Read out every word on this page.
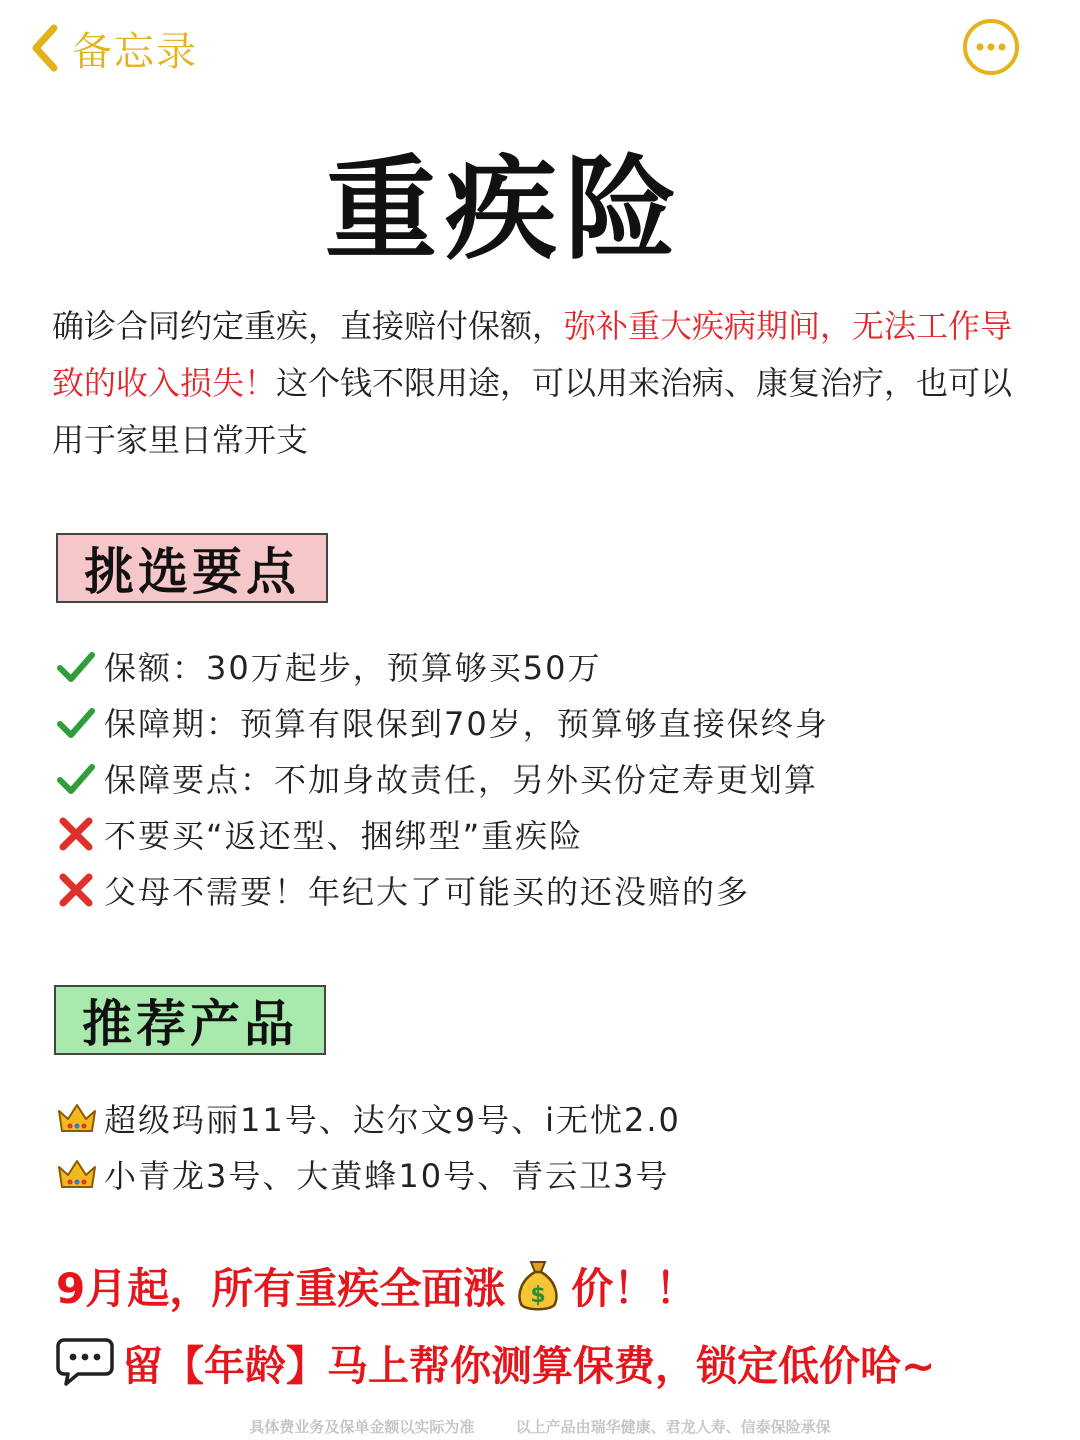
备忘录
重疾险
确诊合同约定重疾，直接赔付保额，弥补重大疾病期间，无法工作导致的收入损失！这个钱不限用途，可以用来治病、康复治疗，也可以用于家里日常开支
挑选要点
保额：30万起步，预算够买50万
保障期：预算有限保到70岁，预算够直接保终身
保障要点：不加身故责任，另外买份定寿更划算
不要买“返还型、捆绑型”重疾险
父母不需要！年纪大了可能买的还没赔的多
推荐产品
超级玛丽11号、达尔文9号、i无忧2.0
小青龙3号、大黄蜂10号、青云卫3号
9月起，所有重疾全面涨 $ 价！！
留【年龄】马上帮你测算保费，锁定低价哈~
具体费业务及保单金额以实际为准	以上产品由瑞华健康、君龙人寿、信泰保险承保
